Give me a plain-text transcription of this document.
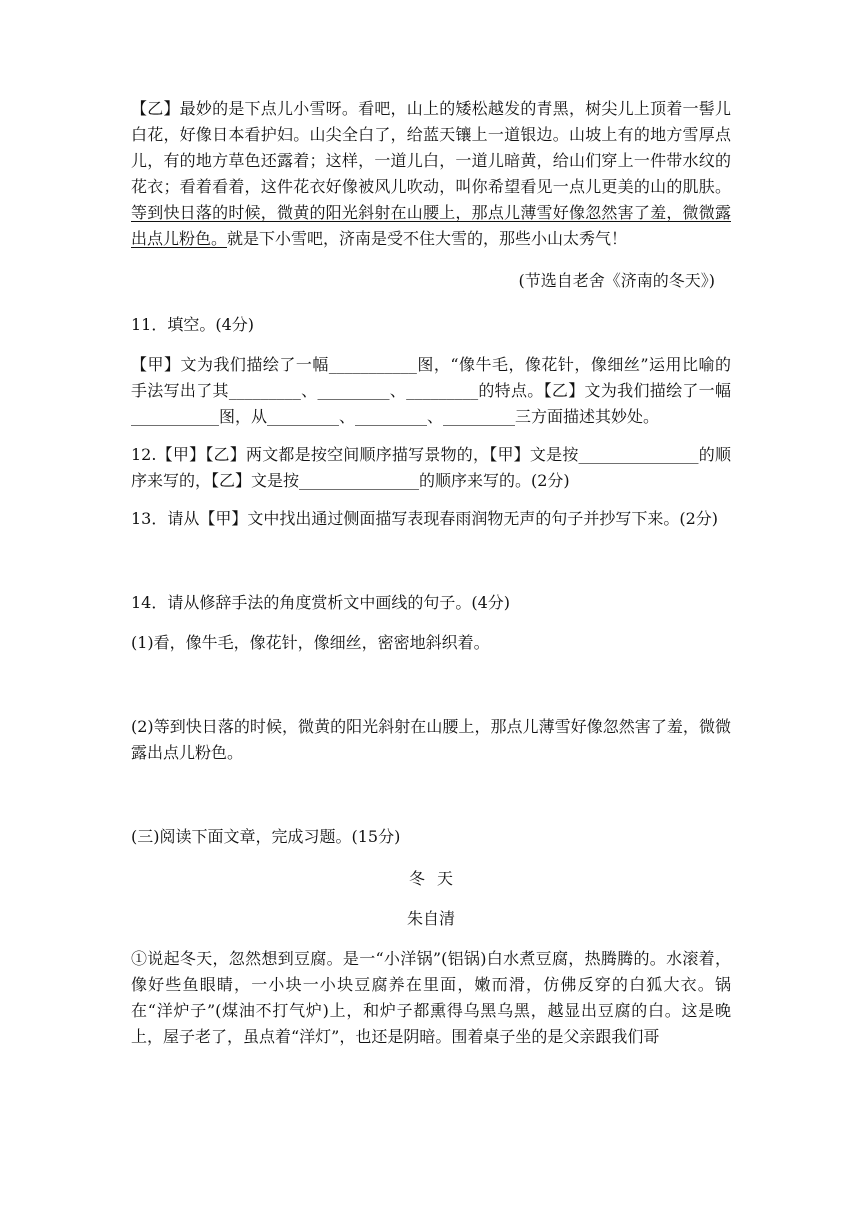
【乙】最妙的是下点儿小雪呀。看吧，山上的矮松越发的青黑，树尖儿上顶着一髻儿白花，好像日本看护妇。山尖全白了，给蓝天镶上一道银边。山坡上有的地方雪厚点儿，有的地方草色还露着；这样，一道儿白，一道儿暗黄，给山们穿上一件带水纹的花衣；看着看着，这件花衣好像被风儿吹动，叫你希望看见一点儿更美的山的肌肤。等到快日落的时候，微黄的阳光斜射在山腰上，那点儿薄雪好像忽然害了羞，微微露出点儿粉色。就是下小雪吧，济南是受不住大雪的，那些小山太秀气！

(节选自老舍《济南的冬天》)

11．填空。(4分)

【甲】文为我们描绘了一幅___________图，“像牛毛，像花针，像细丝”运用比喻的手法写出了其_________、_________、_________的特点。【乙】文为我们描绘了一幅___________图，从_________、_________、_________三方面描述其妙处。

12.【甲】【乙】两文都是按空间顺序描写景物的，【甲】文是按_______________的顺序来写的，【乙】文是按_______________的顺序来写的。(2分)

13．请从【甲】文中找出通过侧面描写表现春雨润物无声的句子并抄写下来。(2分)

14．请从修辞手法的角度赏析文中画线的句子。(4分)

(1)看，像牛毛，像花针，像细丝，密密地斜织着。

(2)等到快日落的时候，微黄的阳光斜射在山腰上，那点儿薄雪好像忽然害了羞，微微露出点儿粉色。

(三)阅读下面文章，完成习题。(15分)

冬天

朱自清

①说起冬天，忽然想到豆腐。是一“小洋锅”(铝锅)白水煮豆腐，热腾腾的。水滚着，像好些鱼眼睛，一小块一小块豆腐养在里面，嫩而滑，仿佛反穿的白狐大衣。锅在“洋炉子”(煤油不打气炉)上，和炉子都熏得乌黑乌黑，越显出豆腐的白。这是晚上，屋子老了，虽点着“洋灯”，也还是阴暗。围着桌子坐的是父亲跟我们哥
